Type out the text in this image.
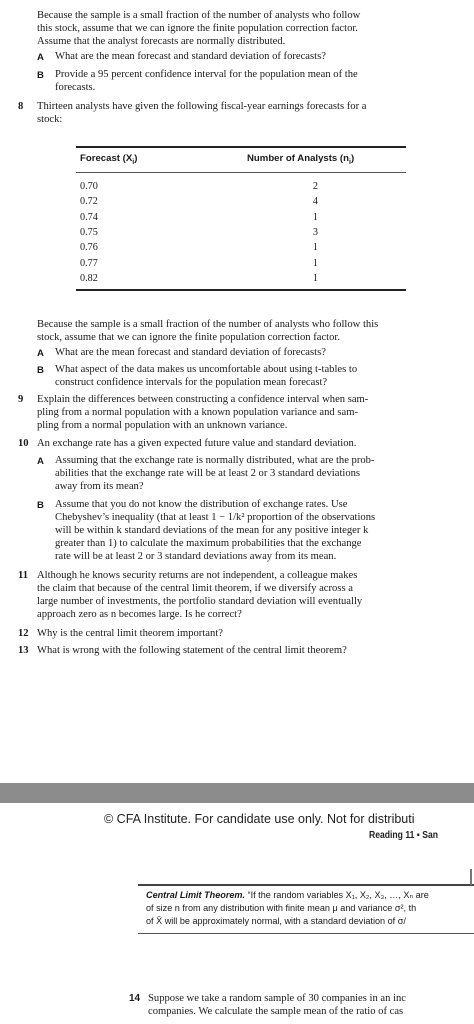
Because the sample is a small fraction of the number of analysts who follow
this stock, assume that we can ignore the finite population correction factor.
Assume that the analyst forecasts are normally distributed.
A What are the mean forecast and standard deviation of forecasts?
B Provide a 95 percent confidence interval for the population mean of the
forecasts.
8 Thirteen analysts have given the following fiscal-year earnings forecasts for a
stock:
Forecast $(X_i)$	Number of Analysts $(n_i)$
0.70	2
0.72	4
0.74	1
0.75	3
0.76	1
0.77	1
0.82	1
Because the sample is a small fraction of the number of analysts who follow this
stock, assume that we can ignore the finite population correction factor.
A What are the mean forecast and standard deviation of forecasts?
B What aspect of the data makes us uncomfortable about using t-tables to
construct confidence intervals for the population mean forecast?
9 Explain the differences between constructing a confidence interval when sam-
pling from a normal population with a known population variance and sam-
pling from a normal population with an unknown variance.
10 An exchange rate has a given expected future value and standard deviation.
A Assuming that the exchange rate is normally distributed, what are the prob-
abilities that the exchange rate will be at least 2 or 3 standard deviations
away from its mean?
B Assume that you do not know the distribution of exchange rates. Use
Chebyshev’s inequality (that at least 1 − 1/k² proportion of the observations
will be within k standard deviations of the mean for any positive integer k
greater than 1) to calculate the maximum probabilities that the exchange
rate will be at least 2 or 3 standard deviations away from its mean.
11 Although he knows security returns are not independent, a colleague makes
the claim that because of the central limit theorem, if we diversify across a
large number of investments, the portfolio standard deviation will eventually
approach zero as n becomes large. Is he correct?
12 Why is the central limit theorem important?
13 What is wrong with the following statement of the central limit theorem?
© CFA Institute. For candidate use only. Not for distributi
Reading 11 ▪ San
Central Limit Theorem. “If the random variables X₁, X₂, X₃, …, Xₙ are
of size n from any distribution with finite mean μ and variance σ², th
of X̄ will be approximately normal, with a standard deviation of σ/
14 Suppose we take a random sample of 30 companies in an inc
companies. We calculate the sample mean of the ratio of cas
